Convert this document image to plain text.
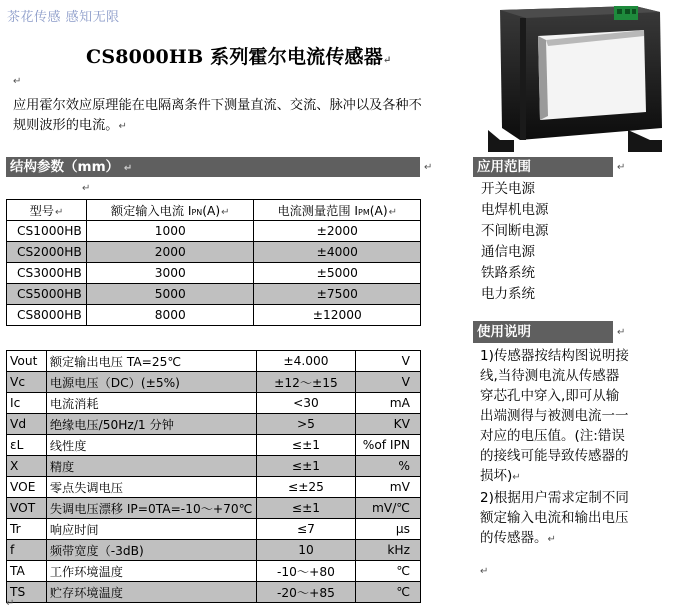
茶花传感 感知无限
CS8000HB 系列霍尔电流传感器↵
↵
应用霍尔效应原理能在电隔离条件下测量直流、交流、脉冲以及各种不规则波形的电流。↵
结构参数（mm） ↵	↵
↵
型号↵	额定输入电流 IPN(A)↵	电流测量范围 IPM(A)↵
CS1000HB	1000	±2000
CS2000HB	2000	±4000
CS3000HB	3000	±5000
CS5000HB	5000	±7500
CS8000HB	8000	±12000
Vout	额定输出电压 TA=25℃	±4.000	V
Vc	电源电压（DC）(±5%)	±12～±15	V
Ic	电流消耗	<30	mA
Vd	绝缘电压/50Hz/1 分钟	>5	KV
εL	线性度	≤±1	%of IPN
X	精度	≤±1	%
VOE	零点失调电压	≤±25	mV
VOT	失调电压漂移 IP=0TA=-10～+70℃	≤±1	mV/℃
Tr	响应时间	≤7	μs
f	频带宽度（-3dB)	10	kHz
TA	工作环境温度	-10～+80	℃
TS	贮存环境温度	-20～+85	℃
应用范围	↵
开关电源
电焊机电源
不间断电源
通信电源
铁路系统
电力系统
使用说明	↵
1)传感器按结构图说明接线,当待测电流从传感器穿芯孔中穿入,即可从输出端测得与被测电流一一对应的电压值。(注:错误的接线可能导致传感器的损坏)↵
2)根据用户需求定制不同额定输入电流和输出电压的传感器。↵
↵
↵
